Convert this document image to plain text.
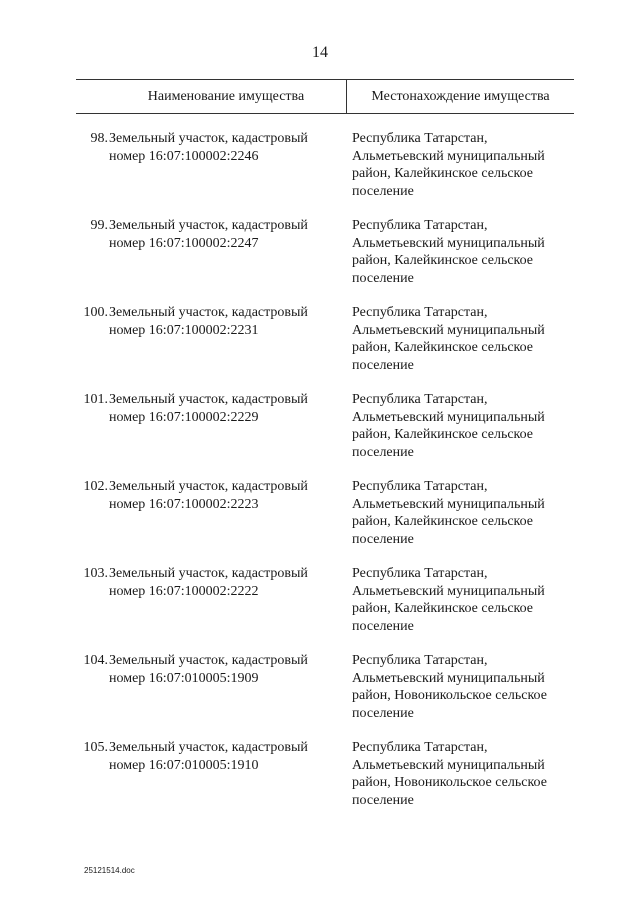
14
Наименование имущества	Местонахождение имущества
98. Земельный участок, кадастровый номер 16:07:100002:2246
Республика Татарстан, Альметьевский муниципальный район, Калейкинское сельское поселение
99. Земельный участок, кадастровый номер 16:07:100002:2247
Республика Татарстан, Альметьевский муниципальный район, Калейкинское сельское поселение
100. Земельный участок, кадастровый номер 16:07:100002:2231
Республика Татарстан, Альметьевский муниципальный район, Калейкинское сельское поселение
101. Земельный участок, кадастровый номер 16:07:100002:2229
Республика Татарстан, Альметьевский муниципальный район, Калейкинское сельское поселение
102. Земельный участок, кадастровый номер 16:07:100002:2223
Республика Татарстан, Альметьевский муниципальный район, Калейкинское сельское поселение
103. Земельный участок, кадастровый номер 16:07:100002:2222
Республика Татарстан, Альметьевский муниципальный район, Калейкинское сельское поселение
104. Земельный участок, кадастровый номер 16:07:010005:1909
Республика Татарстан, Альметьевский муниципальный район, Новоникольское сельское поселение
105. Земельный участок, кадастровый номер 16:07:010005:1910
Республика Татарстан, Альметьевский муниципальный район, Новоникольское сельское поселение
25121514.doc
